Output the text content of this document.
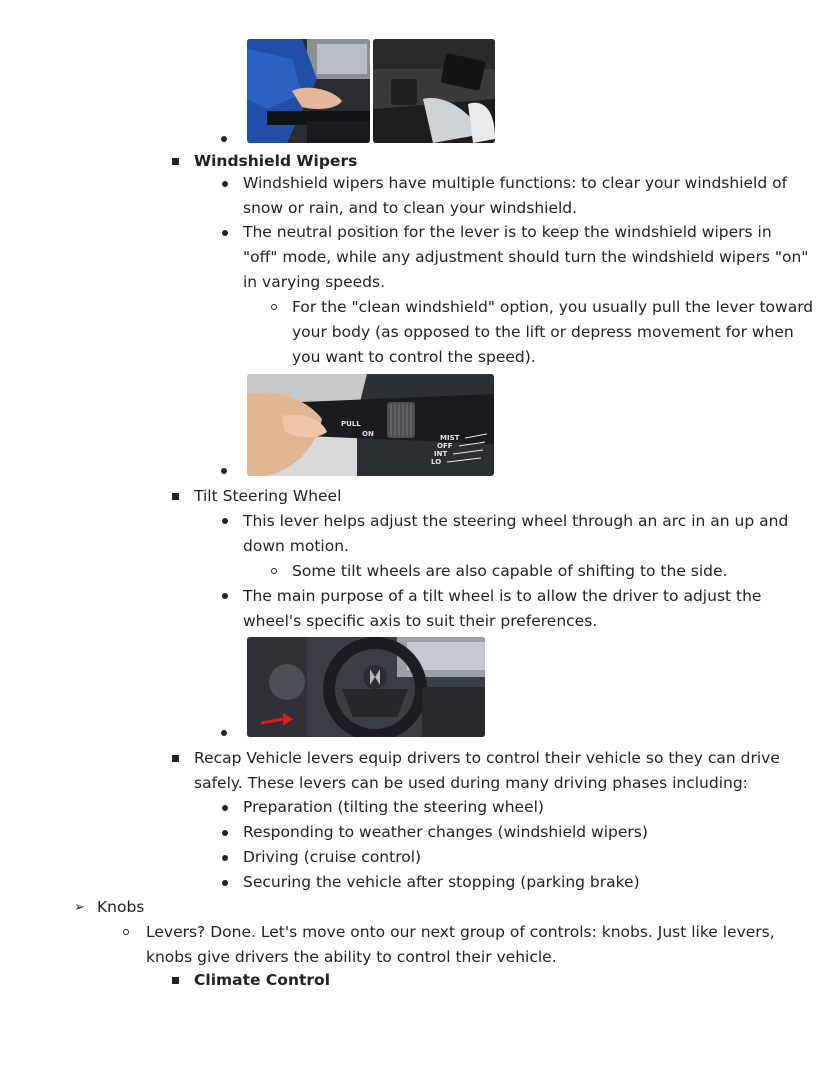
Windshield Wipers
Windshield wipers have multiple functions: to clear your windshield of
snow or rain, and to clean your windshield.
The neutral position for the lever is to keep the windshield wipers in
"off" mode, while any adjustment should turn the windshield wipers "on"
in varying speeds.
For the "clean windshield" option, you usually pull the lever toward
your body (as opposed to the lift or depress movement for when
you want to control the speed).
PULL
ON	MIST
OFF
INT
LO
Tilt Steering Wheel
This lever helps adjust the steering wheel through an arc in an up and
down motion.
Some tilt wheels are also capable of shifting to the side.
The main purpose of a tilt wheel is to allow the driver to adjust the
wheel's specific axis to suit their preferences.
Recap Vehicle levers equip drivers to control their vehicle so they can drive
safely. These levers can be used during many driving phases including:
Preparation (tilting the steering wheel)
Responding to weather changes (windshield wipers)
Driving (cruise control)
Securing the vehicle after stopping (parking brake)
➢ Knobs
Levers? Done. Let's move onto our next group of controls: knobs. Just like levers,
knobs give drivers the ability to control their vehicle.
Climate Control
